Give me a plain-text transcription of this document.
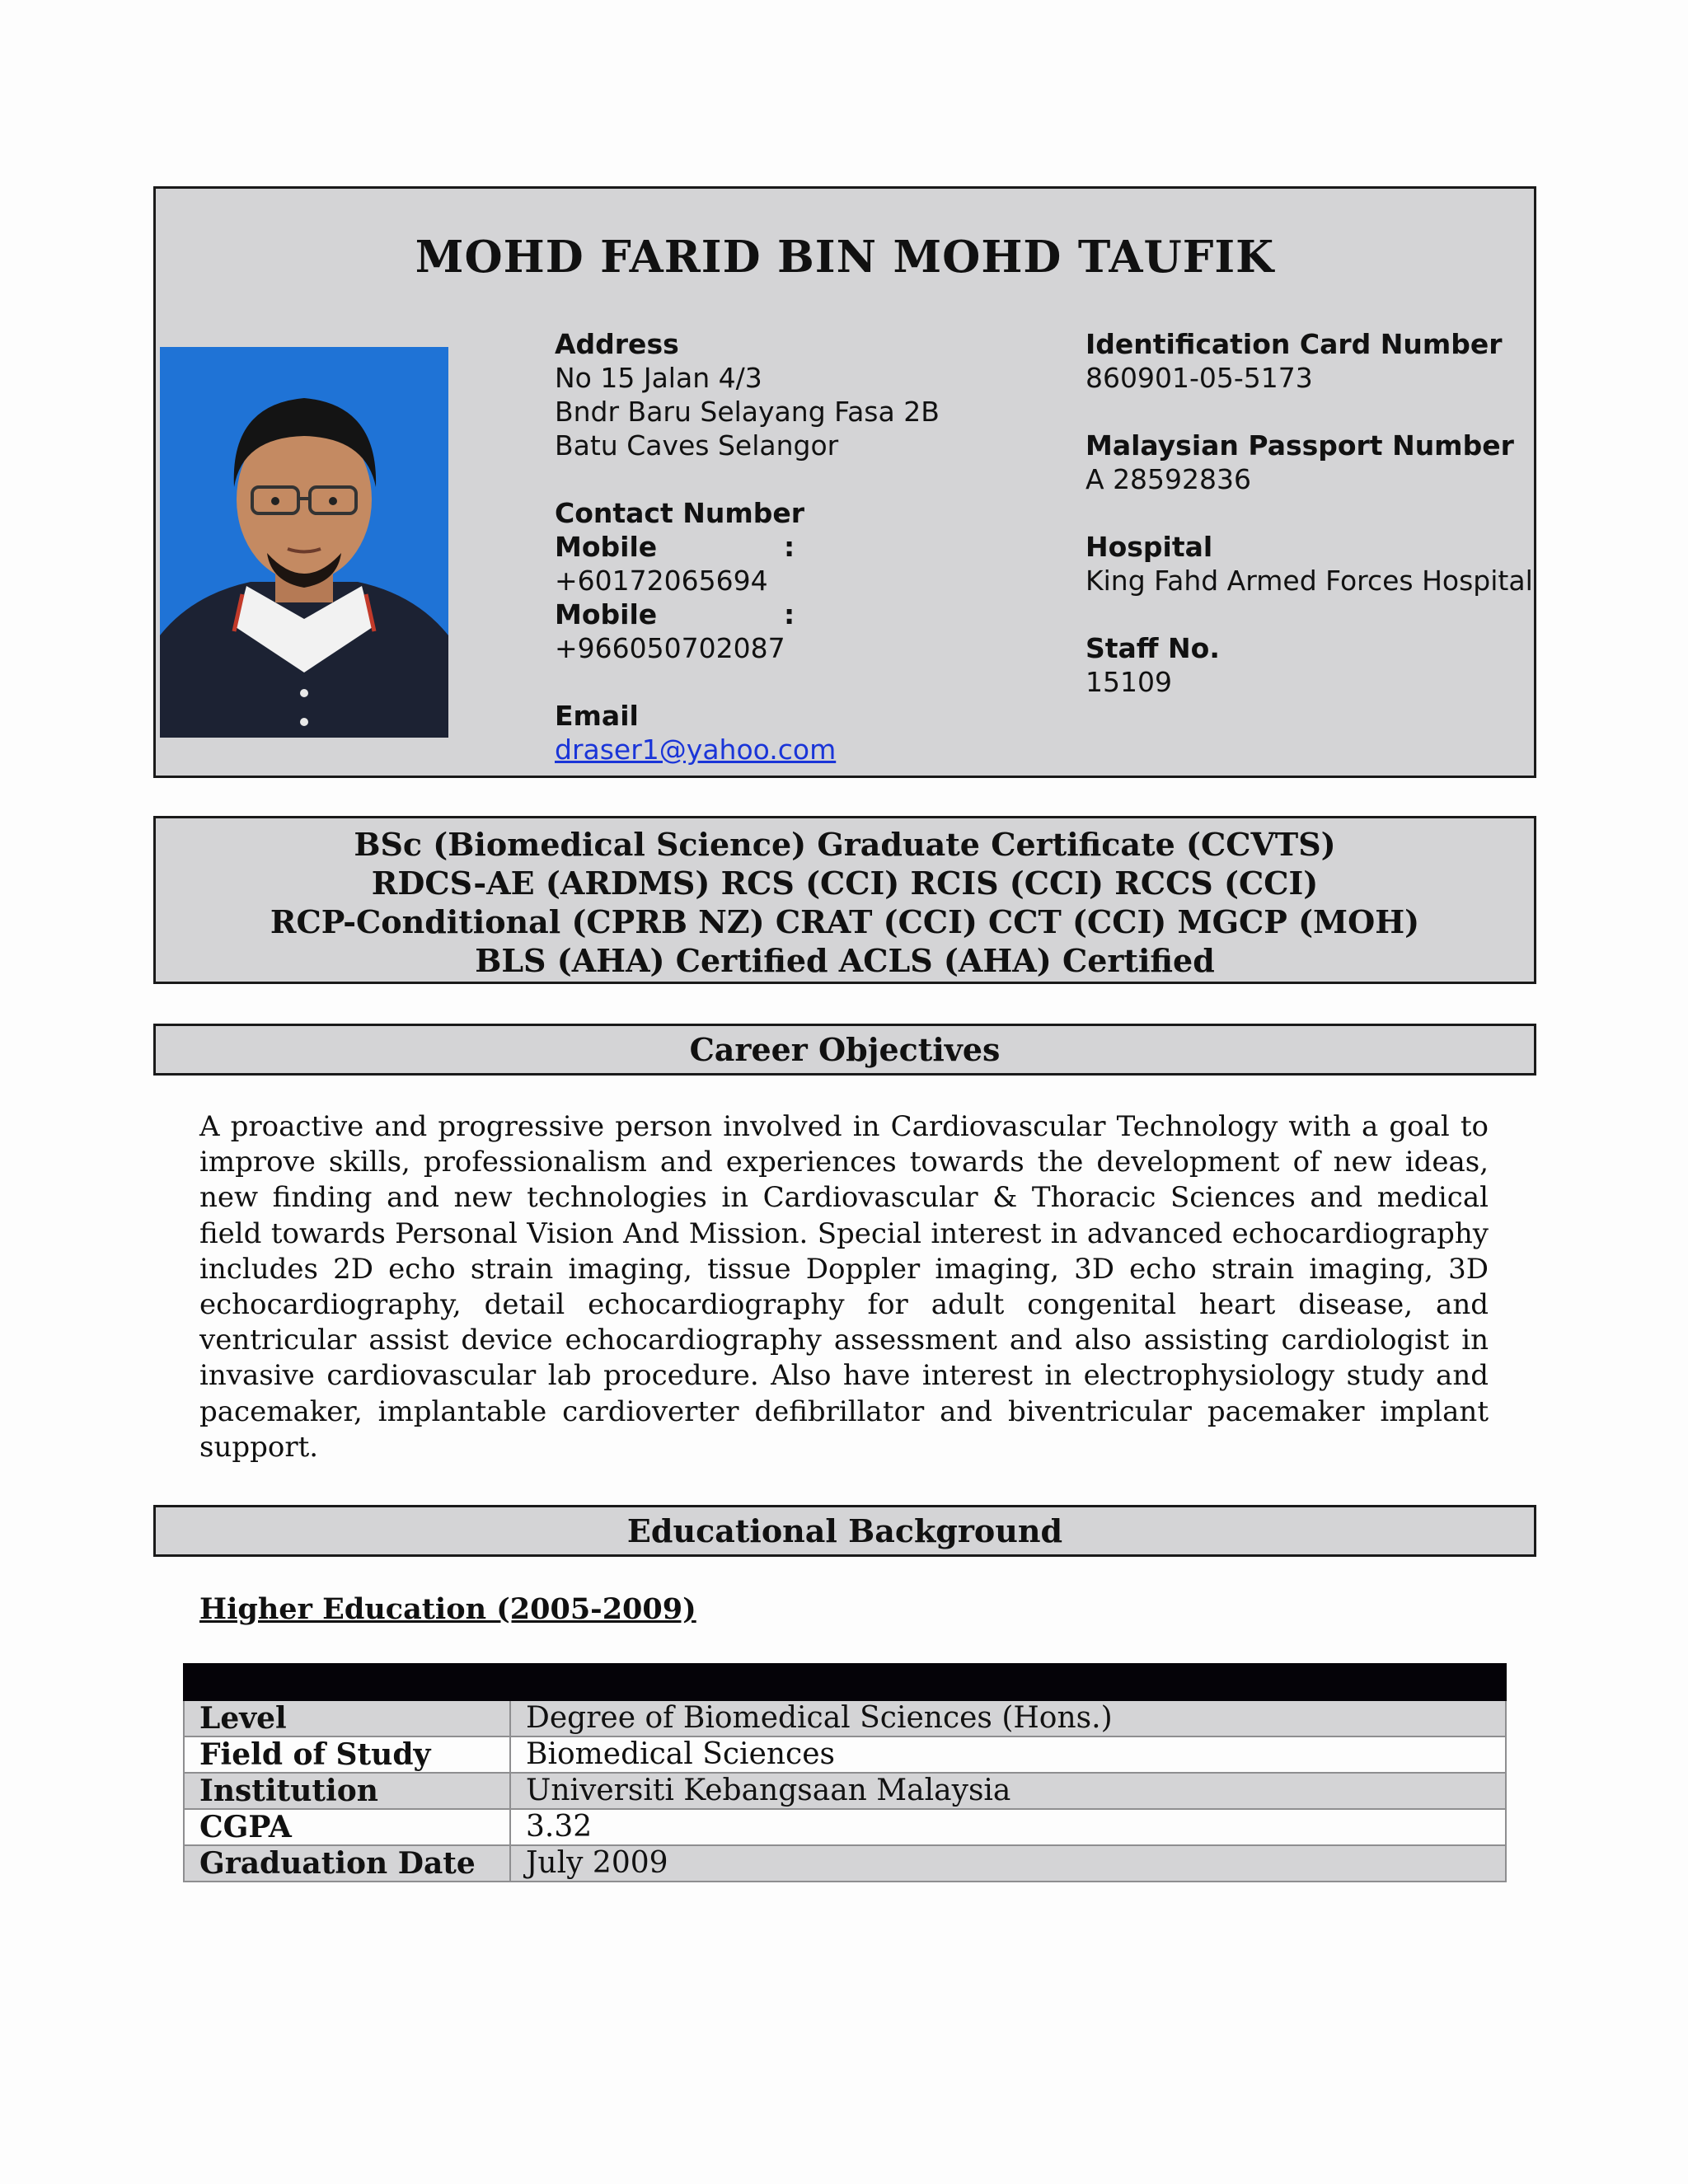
MOHD FARID BIN MOHD TAUFIK
Address
No 15 Jalan 4/3
Bndr Baru Selayang Fasa 2B
Batu Caves Selangor
Contact Number
Mobile	:
+60172065694
Mobile	:
+966050702087
Email
draser1@yahoo.com
Identification Card Number
860901-05-5173
Malaysian Passport Number
A 28592836
Hospital
King Fahd Armed Forces Hospital
Staff No.
15109
BSc (Biomedical Science) Graduate Certificate (CCVTS)
RDCS-AE (ARDMS) RCS (CCI) RCIS (CCI) RCCS (CCI)
RCP-Conditional (CPRB NZ) CRAT (CCI) CCT (CCI) MGCP (MOH)
BLS (AHA) Certified ACLS (AHA) Certified
Career Objectives
A proactive and progressive person involved in Cardiovascular Technology with a goal to improve skills, professionalism and experiences towards the development of new ideas, new finding and new technologies in Cardiovascular & Thoracic Sciences and medical field towards Personal Vision And Mission. Special interest in advanced echocardiography includes 2D echo strain imaging, tissue Doppler imaging, 3D echo strain imaging, 3D echocardiography, detail echocardiography for adult congenital heart disease, and ventricular assist device echocardiography assessment and also assisting cardiologist in invasive cardiovascular lab procedure. Also have interest in electrophysiology study and pacemaker, implantable cardioverter defibrillator and biventricular pacemaker implant support.
Educational Background
Higher Education (2005-2009)
Level	Degree of Biomedical Sciences (Hons.)
Field of Study	Biomedical Sciences
Institution	Universiti Kebangsaan Malaysia
CGPA	3.32
Graduation Date	July 2009
